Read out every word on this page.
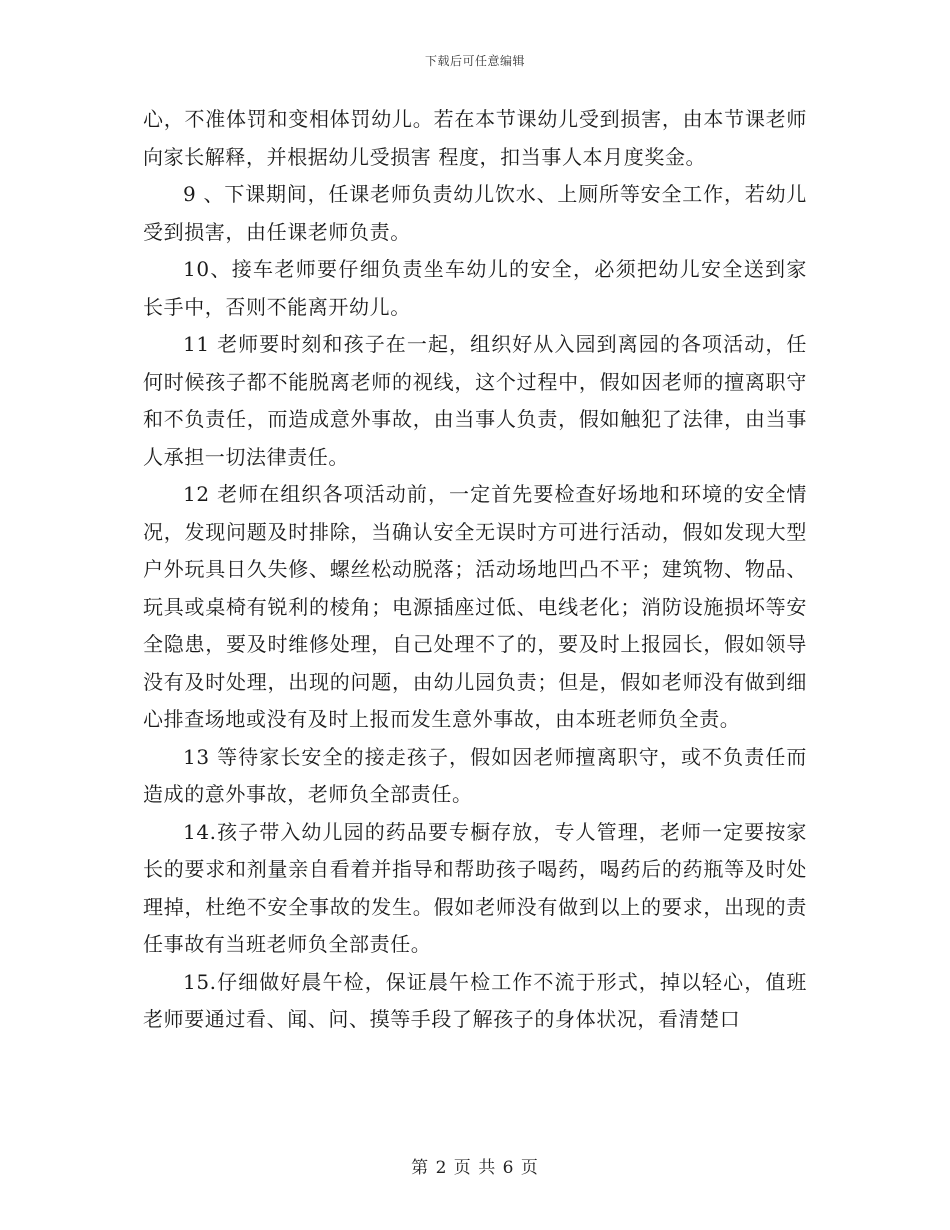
下载后可任意编辑

心，不准体罚和变相体罚幼儿。若在本节课幼儿受到损害，由本节课老师向家长解释，并根据幼儿受损害 程度，扣当事人本月度奖金。

9 、下课期间，任课老师负责幼儿饮水、上厕所等安全工作，若幼儿受到损害，由任课老师负责。

10、接车老师要仔细负责坐车幼儿的安全，必须把幼儿安全送到家长手中，否则不能离开幼儿。

11 老师要时刻和孩子在一起，组织好从入园到离园的各项活动，任何时候孩子都不能脱离老师的视线，这个过程中，假如因老师的擅离职守和不负责任，而造成意外事故，由当事人负责，假如触犯了法律，由当事人承担一切法律责任。

12 老师在组织各项活动前，一定首先要检查好场地和环境的安全情况，发现问题及时排除，当确认安全无误时方可进行活动，假如发现大型户外玩具日久失修、螺丝松动脱落；活动场地凹凸不平；建筑物、物品、玩具或桌椅有锐利的棱角；电源插座过低、电线老化；消防设施损坏等安全隐患，要及时维修处理，自己处理不了的，要及时上报园长，假如领导没有及时处理，出现的问题，由幼儿园负责；但是，假如老师没有做到细心排查场地或没有及时上报而发生意外事故，由本班老师负全责。

13 等待家长安全的接走孩子，假如因老师擅离职守，或不负责任而造成的意外事故，老师负全部责任。

14.孩子带入幼儿园的药品要专橱存放，专人管理，老师一定要按家长的要求和剂量亲自看着并指导和帮助孩子喝药，喝药后的药瓶等及时处理掉，杜绝不安全事故的发生。假如老师没有做到以上的要求，出现的责任事故有当班老师负全部责任。

15.仔细做好晨午检，保证晨午检工作不流于形式，掉以轻心，值班老师要通过看、闻、问、摸等手段了解孩子的身体状况，看清楚口

第 2 页 共 6 页
